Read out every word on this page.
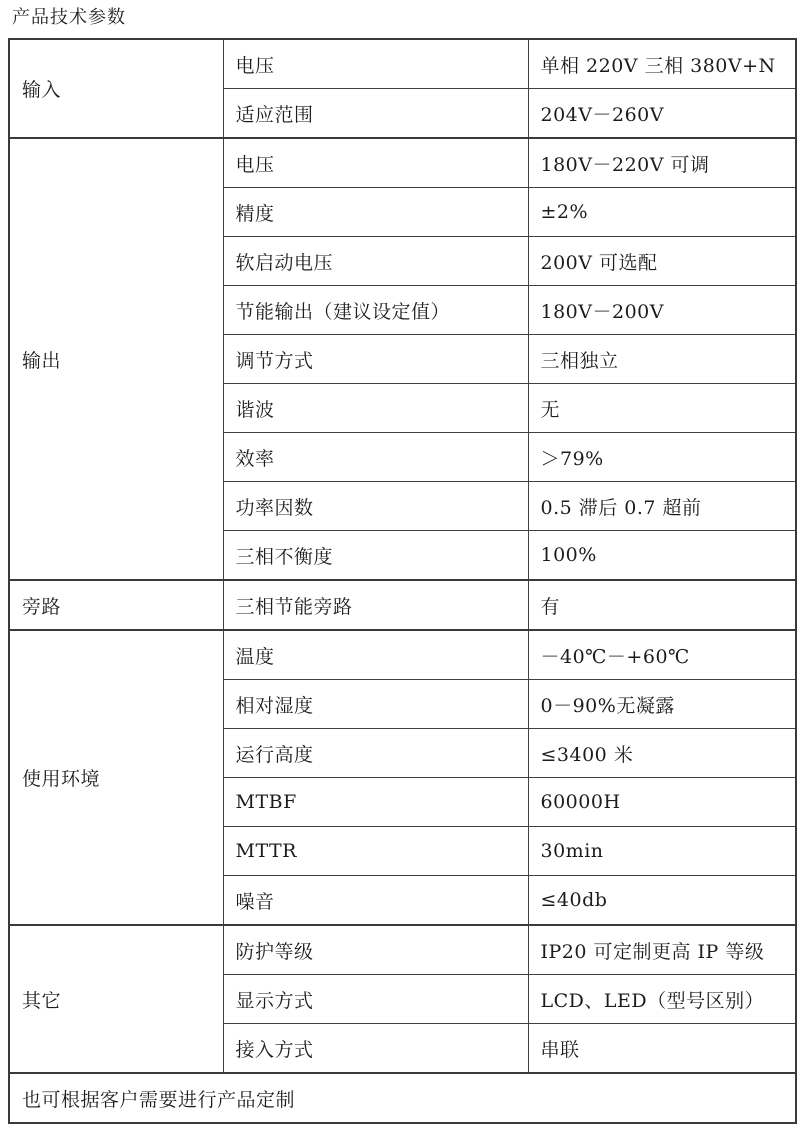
产品技术参数
输入	电压	单相 220V 三相 380V+N
	适应范围	204V－260V
输出	电压	180V－220V 可调
	精度	±2%
	软启动电压	200V 可选配
	节能输出（建议设定值）	180V－200V
	调节方式	三相独立
	谐波	无
	效率	＞79%
	功率因数	0.5 滞后 0.7 超前
	三相不衡度	100%
旁路	三相节能旁路	有
使用环境	温度	－40℃－+60℃
	相对湿度	0－90%无凝露
	运行高度	≤3400 米
	MTBF	60000H
	MTTR	30min
	噪音	≤40db
其它	防护等级	IP20 可定制更高 IP 等级
	显示方式	LCD、LED（型号区别）
	接入方式	串联
也可根据客户需要进行产品定制		
